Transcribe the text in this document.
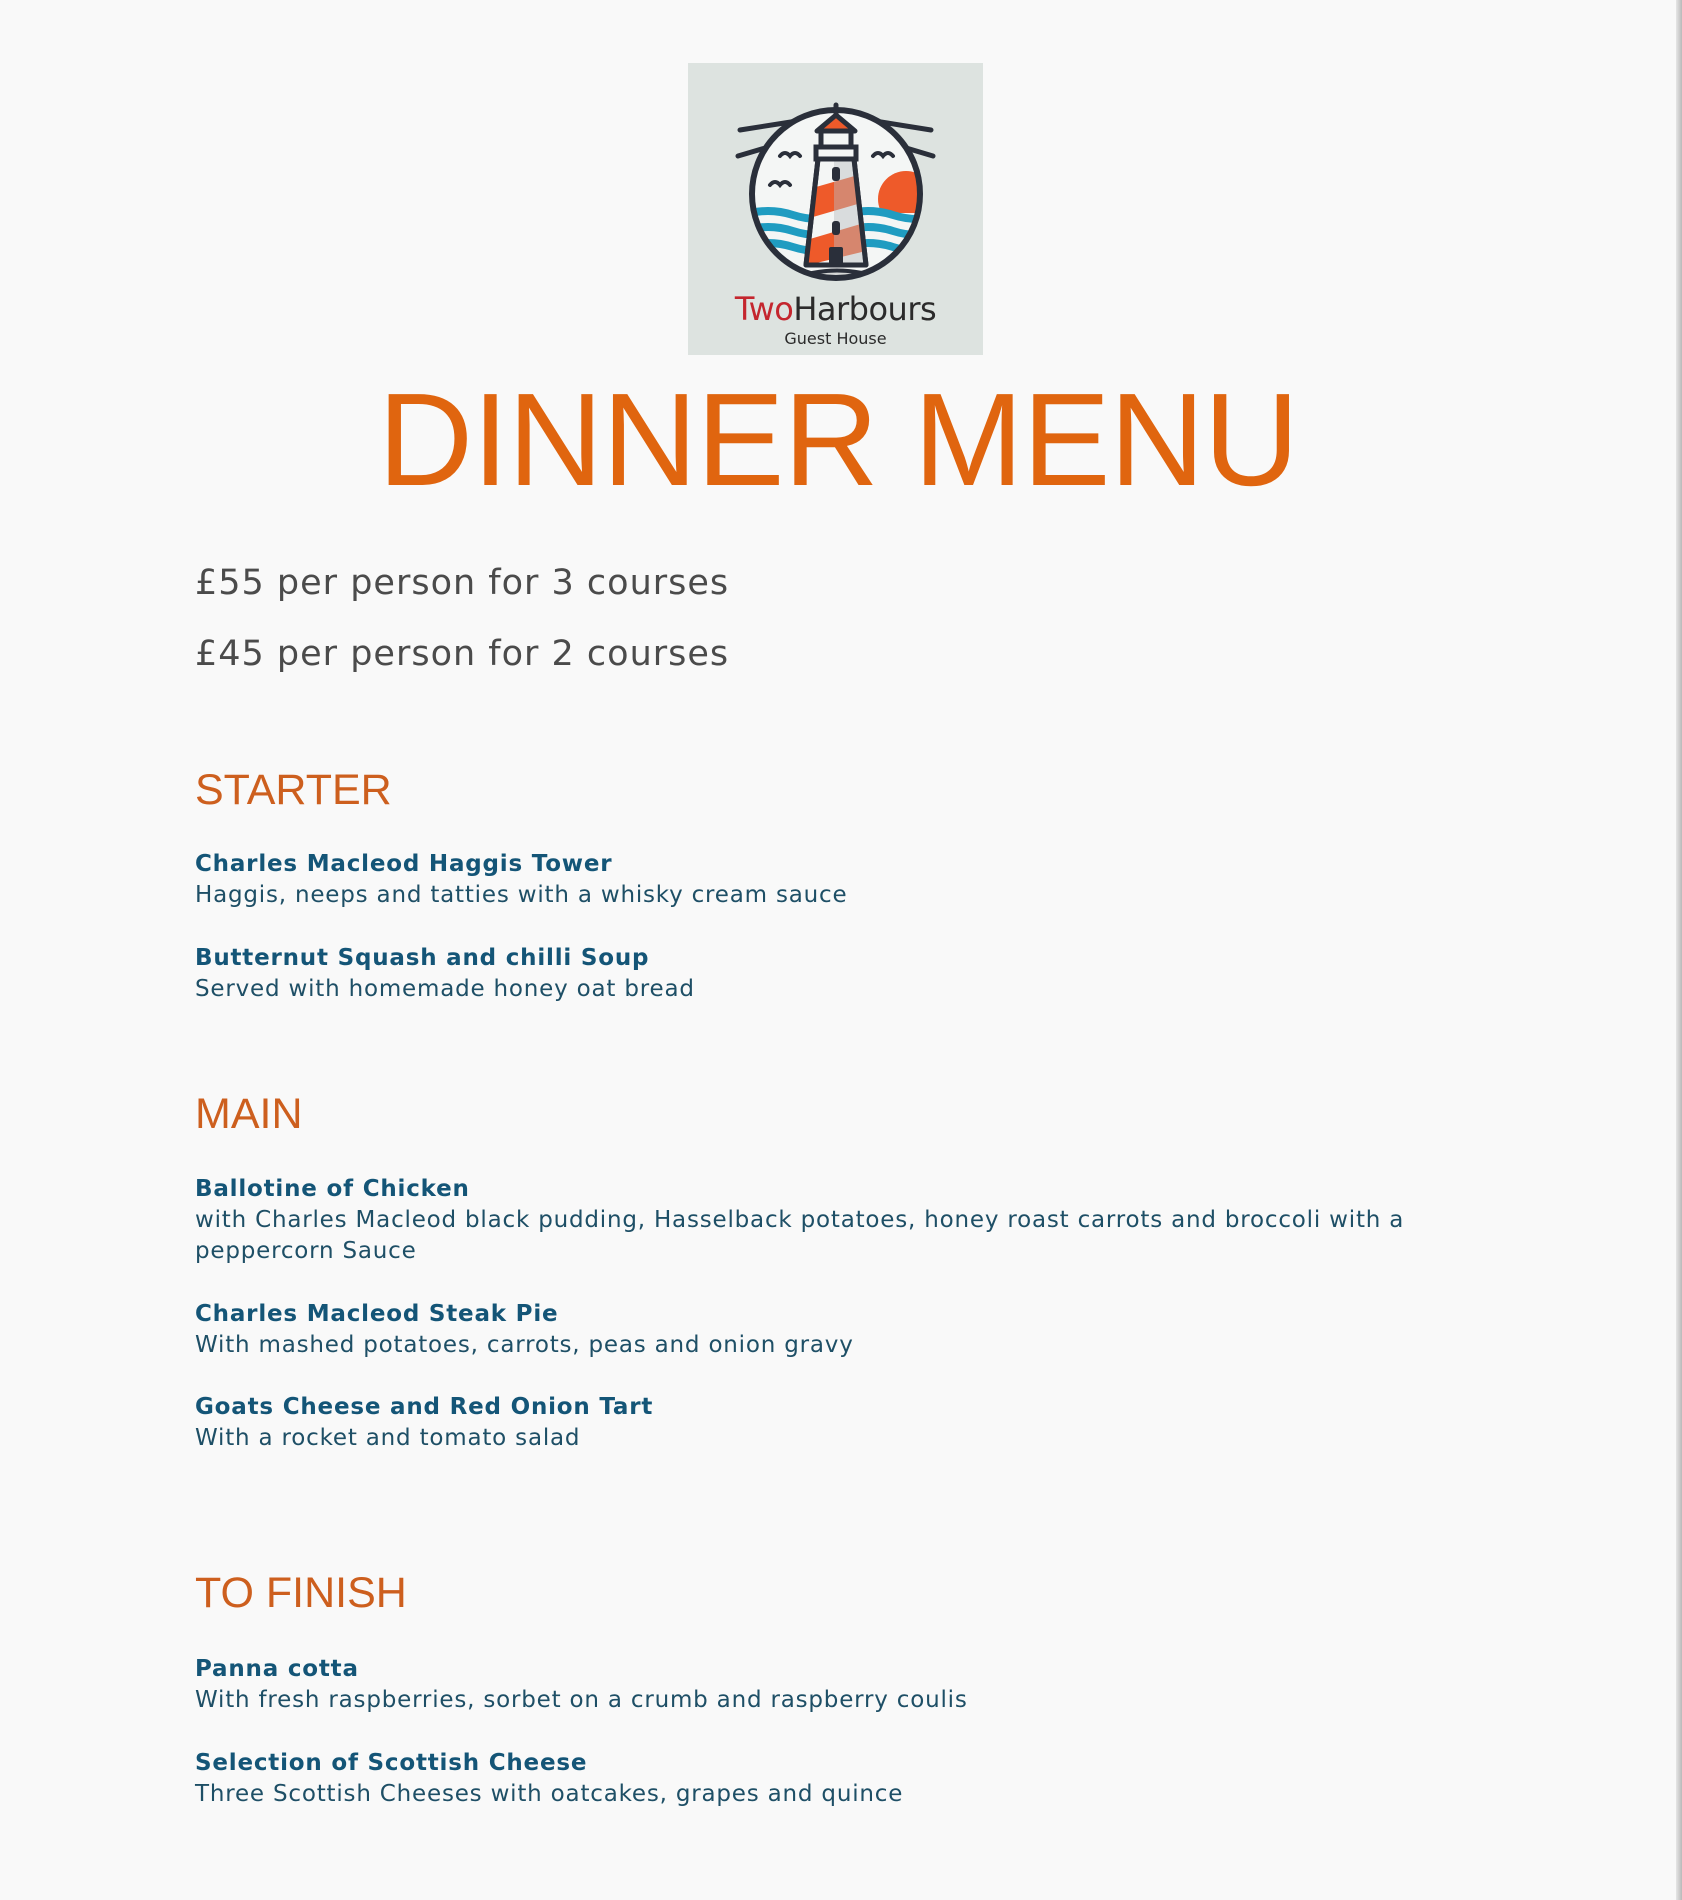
TwoHarbours
Guest House
DINNER MENU
£55 per person for 3 courses
£45 per person for 2 courses
STARTER
Charles Macleod Haggis Tower
Haggis, neeps and tatties with a whisky cream sauce
Butternut Squash and chilli Soup
Served with homemade honey oat bread
MAIN
Ballotine of Chicken
with Charles Macleod black pudding, Hasselback potatoes, honey roast carrots and broccoli with a peppercorn Sauce
Charles Macleod Steak Pie
With mashed potatoes, carrots, peas and onion gravy
Goats Cheese and Red Onion Tart
With a rocket and tomato salad
TO FINISH
Panna cotta
With fresh raspberries, sorbet on a crumb and raspberry coulis
Selection of Scottish Cheese
Three Scottish Cheeses with oatcakes, grapes and quince
